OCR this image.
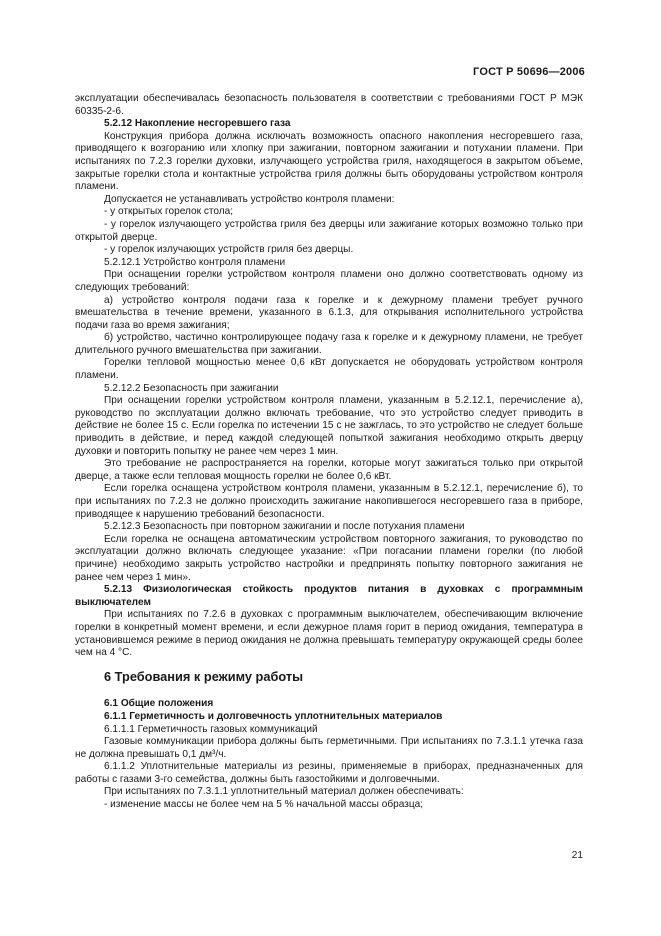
ГОСТ Р 50696—2006

эксплуатации обеспечивалась безопасность пользователя в соответствии с требованиями ГОСТ Р МЭК 60335-2-6.

5.2.12 Накопление несгоревшего газа

Конструкция прибора должна исключать возможность опасного накопления несгоревшего газа, приводящего к возгоранию или хлопку при зажигании, повторном зажигании и потухании пламени. При испытаниях по 7.2.3 горелки духовки, излучающего устройства гриля, находящегося в закрытом объеме, закрытые горелки стола и контактные устройства гриля должны быть оборудованы устройством контроля пламени.

Допускается не устанавливать устройство контроля пламени:

- у открытых горелок стола;

- у горелок излучающего устройства гриля без дверцы или зажигание которых возможно только при открытой дверце.

- у горелок излучающих устройств гриля без дверцы.

5.2.12.1 Устройство контроля пламени

При оснащении горелки устройством контроля пламени оно должно соответствовать одному из следующих требований:

а) устройство контроля подачи газа к горелке и к дежурному пламени требует ручного вмешательства в течение времени, указанного в 6.1.3, для открывания исполнительного устройства подачи газа во время зажигания;

б) устройство, частично контролирующее подачу газа к горелке и к дежурному пламени, не требует длительного ручного вмешательства при зажигании.

Горелки тепловой мощностью менее 0,6 кВт допускается не оборудовать устройством контроля пламени.

5.2.12.2 Безопасность при зажигании

При оснащении горелки устройством контроля пламени, указанным в 5.2.12.1, перечисление а), руководство по эксплуатации должно включать требование, что это устройство следует приводить в действие не более 15 с. Если горелка по истечении 15 с не зажглась, то это устройство не следует больше приводить в действие, и перед каждой следующей попыткой зажигания необходимо открыть дверцу духовки и повторить попытку не ранее чем через 1 мин.

Это требование не распространяется на горелки, которые могут зажигаться только при открытой дверце, а также если тепловая мощность горелки не более 0,6 кВт.

Если горелка оснащена устройством контроля пламени, указанным в 5.2.12.1, перечисление б), то при испытаниях по 7.2.3 не должно происходить зажигание накопившегося несгоревшего газа в приборе, приводящее к нарушению требований безопасности.

5.2.12.3 Безопасность при повторном зажигании и после потухания пламени

Если горелка не оснащена автоматическим устройством повторного зажигания, то руководство по эксплуатации должно включать следующее указание: «При погасании пламени горелки (по любой причине) необходимо закрыть устройство настройки и предпринять попытку повторного зажигания не ранее чем через 1 мин».

5.2.13 Физиологическая стойкость продуктов питания в духовках с программным выключателем

При испытаниях по 7.2.6 в духовках с программным выключателем, обеспечивающим включение горелки в конкретный момент времени, и если дежурное пламя горит в период ожидания, температура в установившемся режиме в период ожидания не должна превышать температуру окружающей среды более чем на 4 °С.

6 Требования к режиму работы

6.1 Общие положения

6.1.1 Герметичность и долговечность уплотнительных материалов

6.1.1.1 Герметичность газовых коммуникаций

Газовые коммуникации прибора должны быть герметичными. При испытаниях по 7.3.1.1 утечка газа не должна превышать 0,1 дм³/ч.

6.1.1.2 Уплотнительные материалы из резины, применяемые в приборах, предназначенных для работы с газами 3-го семейства, должны быть газостойкими и долговечными.

При испытаниях по 7.3.1.1 уплотнительный материал должен обеспечивать:

- изменение массы не более чем на 5 % начальной массы образца;

21
